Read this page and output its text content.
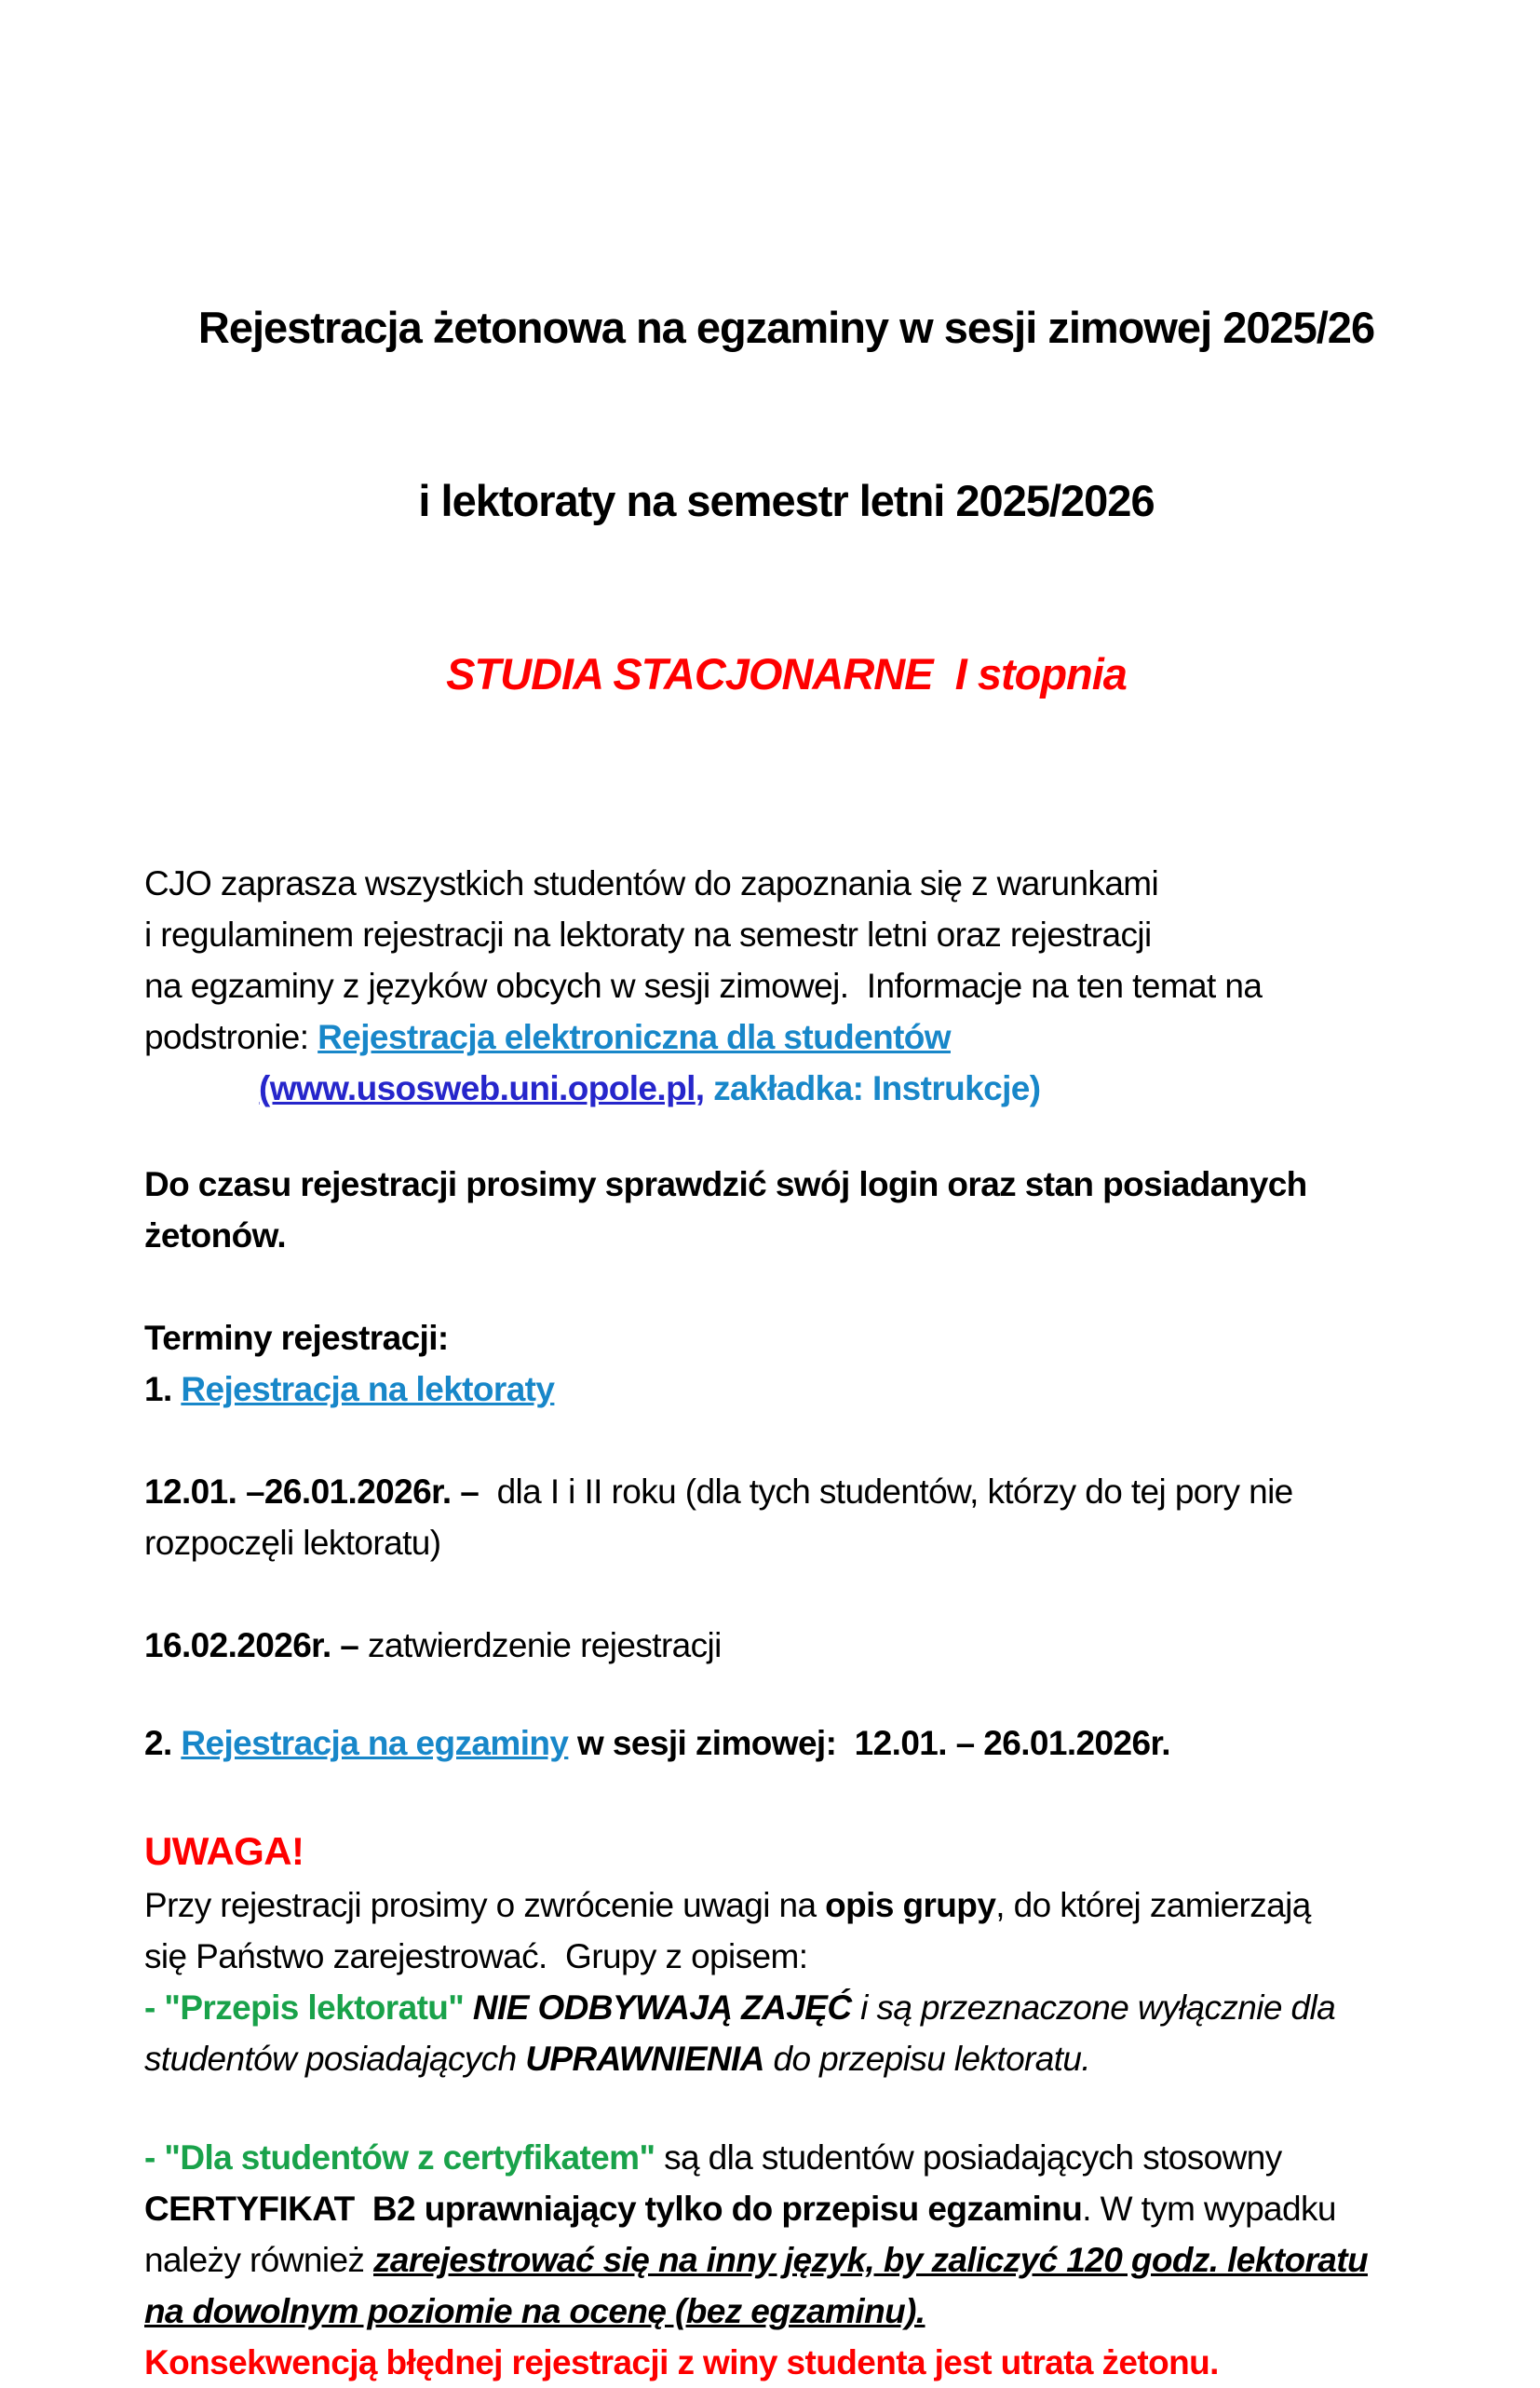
Rejestracja żetonowa na egzaminy w sesji zimowej 2025/26

i lektoraty na semestr letni 2025/2026

STUDIA STACJONARNE  I stopnia

CJO zaprasza wszystkich studentów do zapoznania się z warunkami
i regulaminem rejestracji na lektoraty na semestr letni oraz rejestracji
na egzaminy z języków obcych w sesji zimowej.  Informacje na ten temat na
podstronie: Rejestracja elektroniczna dla studentów
(www.usosweb.uni.opole.pl, zakładka: Instrukcje)
Do czasu rejestracji prosimy sprawdzić swój login oraz stan posiadanych
żetonów.
Terminy rejestracji:
1. Rejestracja na lektoraty
12.01. –26.01.2026r. –  dla I i II roku (dla tych studentów, którzy do tej pory nie
rozpoczęli lektoratu)
16.02.2026r. – zatwierdzenie rejestracji
2. Rejestracja na egzaminy w sesji zimowej:  12.01. – 26.01.2026r.
UWAGA!
Przy rejestracji prosimy o zwrócenie uwagi na opis grupy, do której zamierzają
się Państwo zarejestrować.  Grupy z opisem:
- "Przepis lektoratu" NIE ODBYWAJĄ ZAJĘĆ i są przeznaczone wyłącznie dla
studentów posiadających UPRAWNIENIA do przepisu lektoratu.
- "Dla studentów z certyfikatem" są dla studentów posiadających stosowny
CERTYFIKAT  B2 uprawniający tylko do przepisu egzaminu. W tym wypadku
należy również zarejestrować się na inny język, by zaliczyć 120 godz. lektoratu
na dowolnym poziomie na ocenę (bez egzaminu).
Konsekwencją błędnej rejestracji z winy studenta jest utrata żetonu.
